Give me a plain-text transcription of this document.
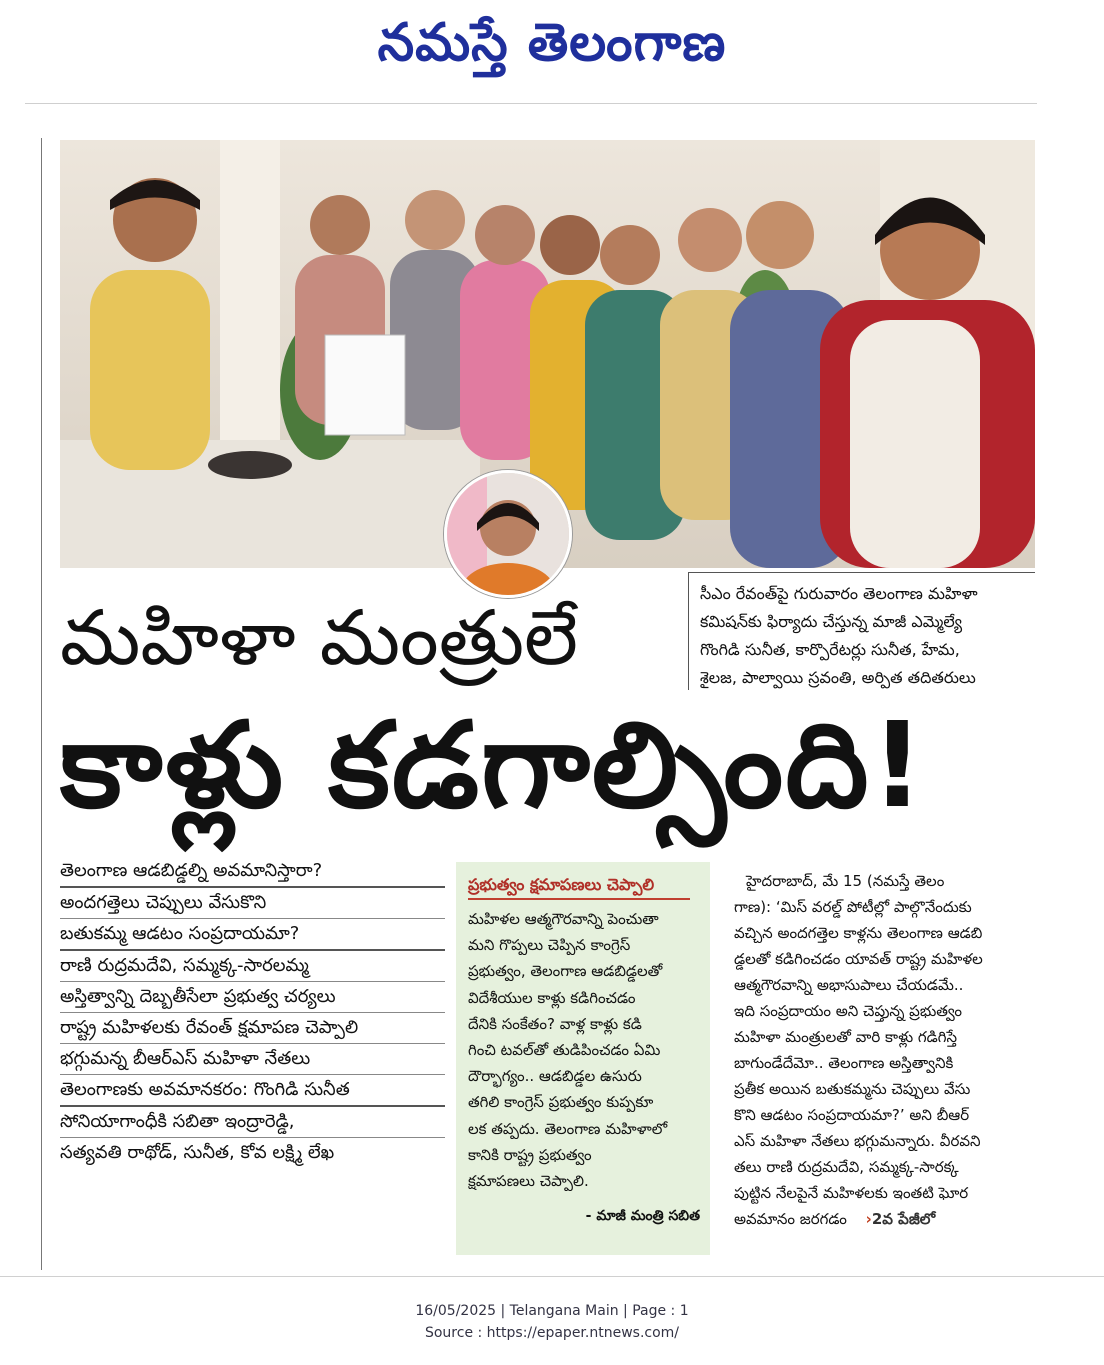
నమస్తే తెలంగాణ
సీఎం రేవంత్‌పై గురువారం తెలంగాణ మహిళా
కమిషన్‌కు ఫిర్యాదు చేస్తున్న మాజీ ఎమ్మెల్యే
గొంగిడి సునీత, కార్పొరేటర్లు సునీత, హేమ,
శైలజ, పాల్వాయి స్రవంతి, అర్పిత తదితరులు
మహిళా మంత్రులే
కాళ్లు కడగాల్సింది!
తెలంగాణ ఆడబిడ్డల్ని అవమానిస్తారా?
అందగత్తెలు చెప్పులు వేసుకొని
బతుకమ్మ ఆడటం సంప్రదాయమా?
రాణి రుద్రమదేవి, సమ్మక్క-సారలమ్మ
అస్తిత్వాన్ని దెబ్బతీసేలా ప్రభుత్వ చర్యలు
రాష్ట్ర మహిళలకు రేవంత్ క్షమాపణ చెప్పాలి
భగ్గుమన్న బీఆర్ఎస్ మహిళా నేతలు
తెలంగాణకు అవమానకరం: గొంగిడి సునీత
సోనియాగాంధీకి సబితా ఇంద్రారెడ్డి,
సత్యవతి రాథోడ్, సునీత, కోవ లక్ష్మి లేఖ
ప్రభుత్వం క్షమాపణలు చెప్పాలి
మహిళల ఆత్మగౌరవాన్ని పెంచుతా
మని గొప్పలు చెప్పిన కాంగ్రెస్
ప్రభుత్వం, తెలంగాణ ఆడబిడ్డలతో
విదేశీయుల కాళ్లు కడిగించడం
దేనికి సంకేతం? వాళ్ల కాళ్లు కడి
గించి టవల్‌తో తుడిపించడం ఏమి
దౌర్భాగ్యం.. ఆడబిడ్డల ఉసురు
తగిలి కాంగ్రెస్ ప్రభుత్వం కుప్పకూ
లక తప్పదు. తెలంగాణ మహిళాలో
కానికి రాష్ట్ర ప్రభుత్వం
క్షమాపణలు చెప్పాలి.
- మాజీ మంత్రి సబిత
హైదరాబాద్, మే 15 (నమస్తే తెలం
గాణ): ‘మిస్ వరల్డ్ పోటీల్లో పాల్గొనేందుకు
వచ్చిన అందగత్తెల కాళ్లను తెలంగాణ ఆడబి
డ్డలతో కడిగించడం యావత్ రాష్ట్ర మహిళల
ఆత్మగౌరవాన్ని అభాసుపాలు చేయడమే..
ఇది సంప్రదాయం అని చెప్తున్న ప్రభుత్వం
మహిళా మంత్రులతో వారి కాళ్లు గడిగిస్తే
బాగుండేదేమో.. తెలంగాణ అస్తిత్వానికి
ప్రతీక అయిన బతుకమ్మను చెప్పులు వేసు
కొని ఆడటం సంప్రదాయమా?’ అని బీఆర్
ఎస్ మహిళా నేతలు భగ్గుమన్నారు. వీరవని
తలు రాణి రుద్రమదేవి, సమ్మక్క-సారక్క
పుట్టిన నేలపైనే మహిళలకు ఇంతటి ఘోర
అవమానం జరగడం ›2వ పేజీలో
16/05/2025 | Telangana Main | Page : 1
Source : https://epaper.ntnews.com/
